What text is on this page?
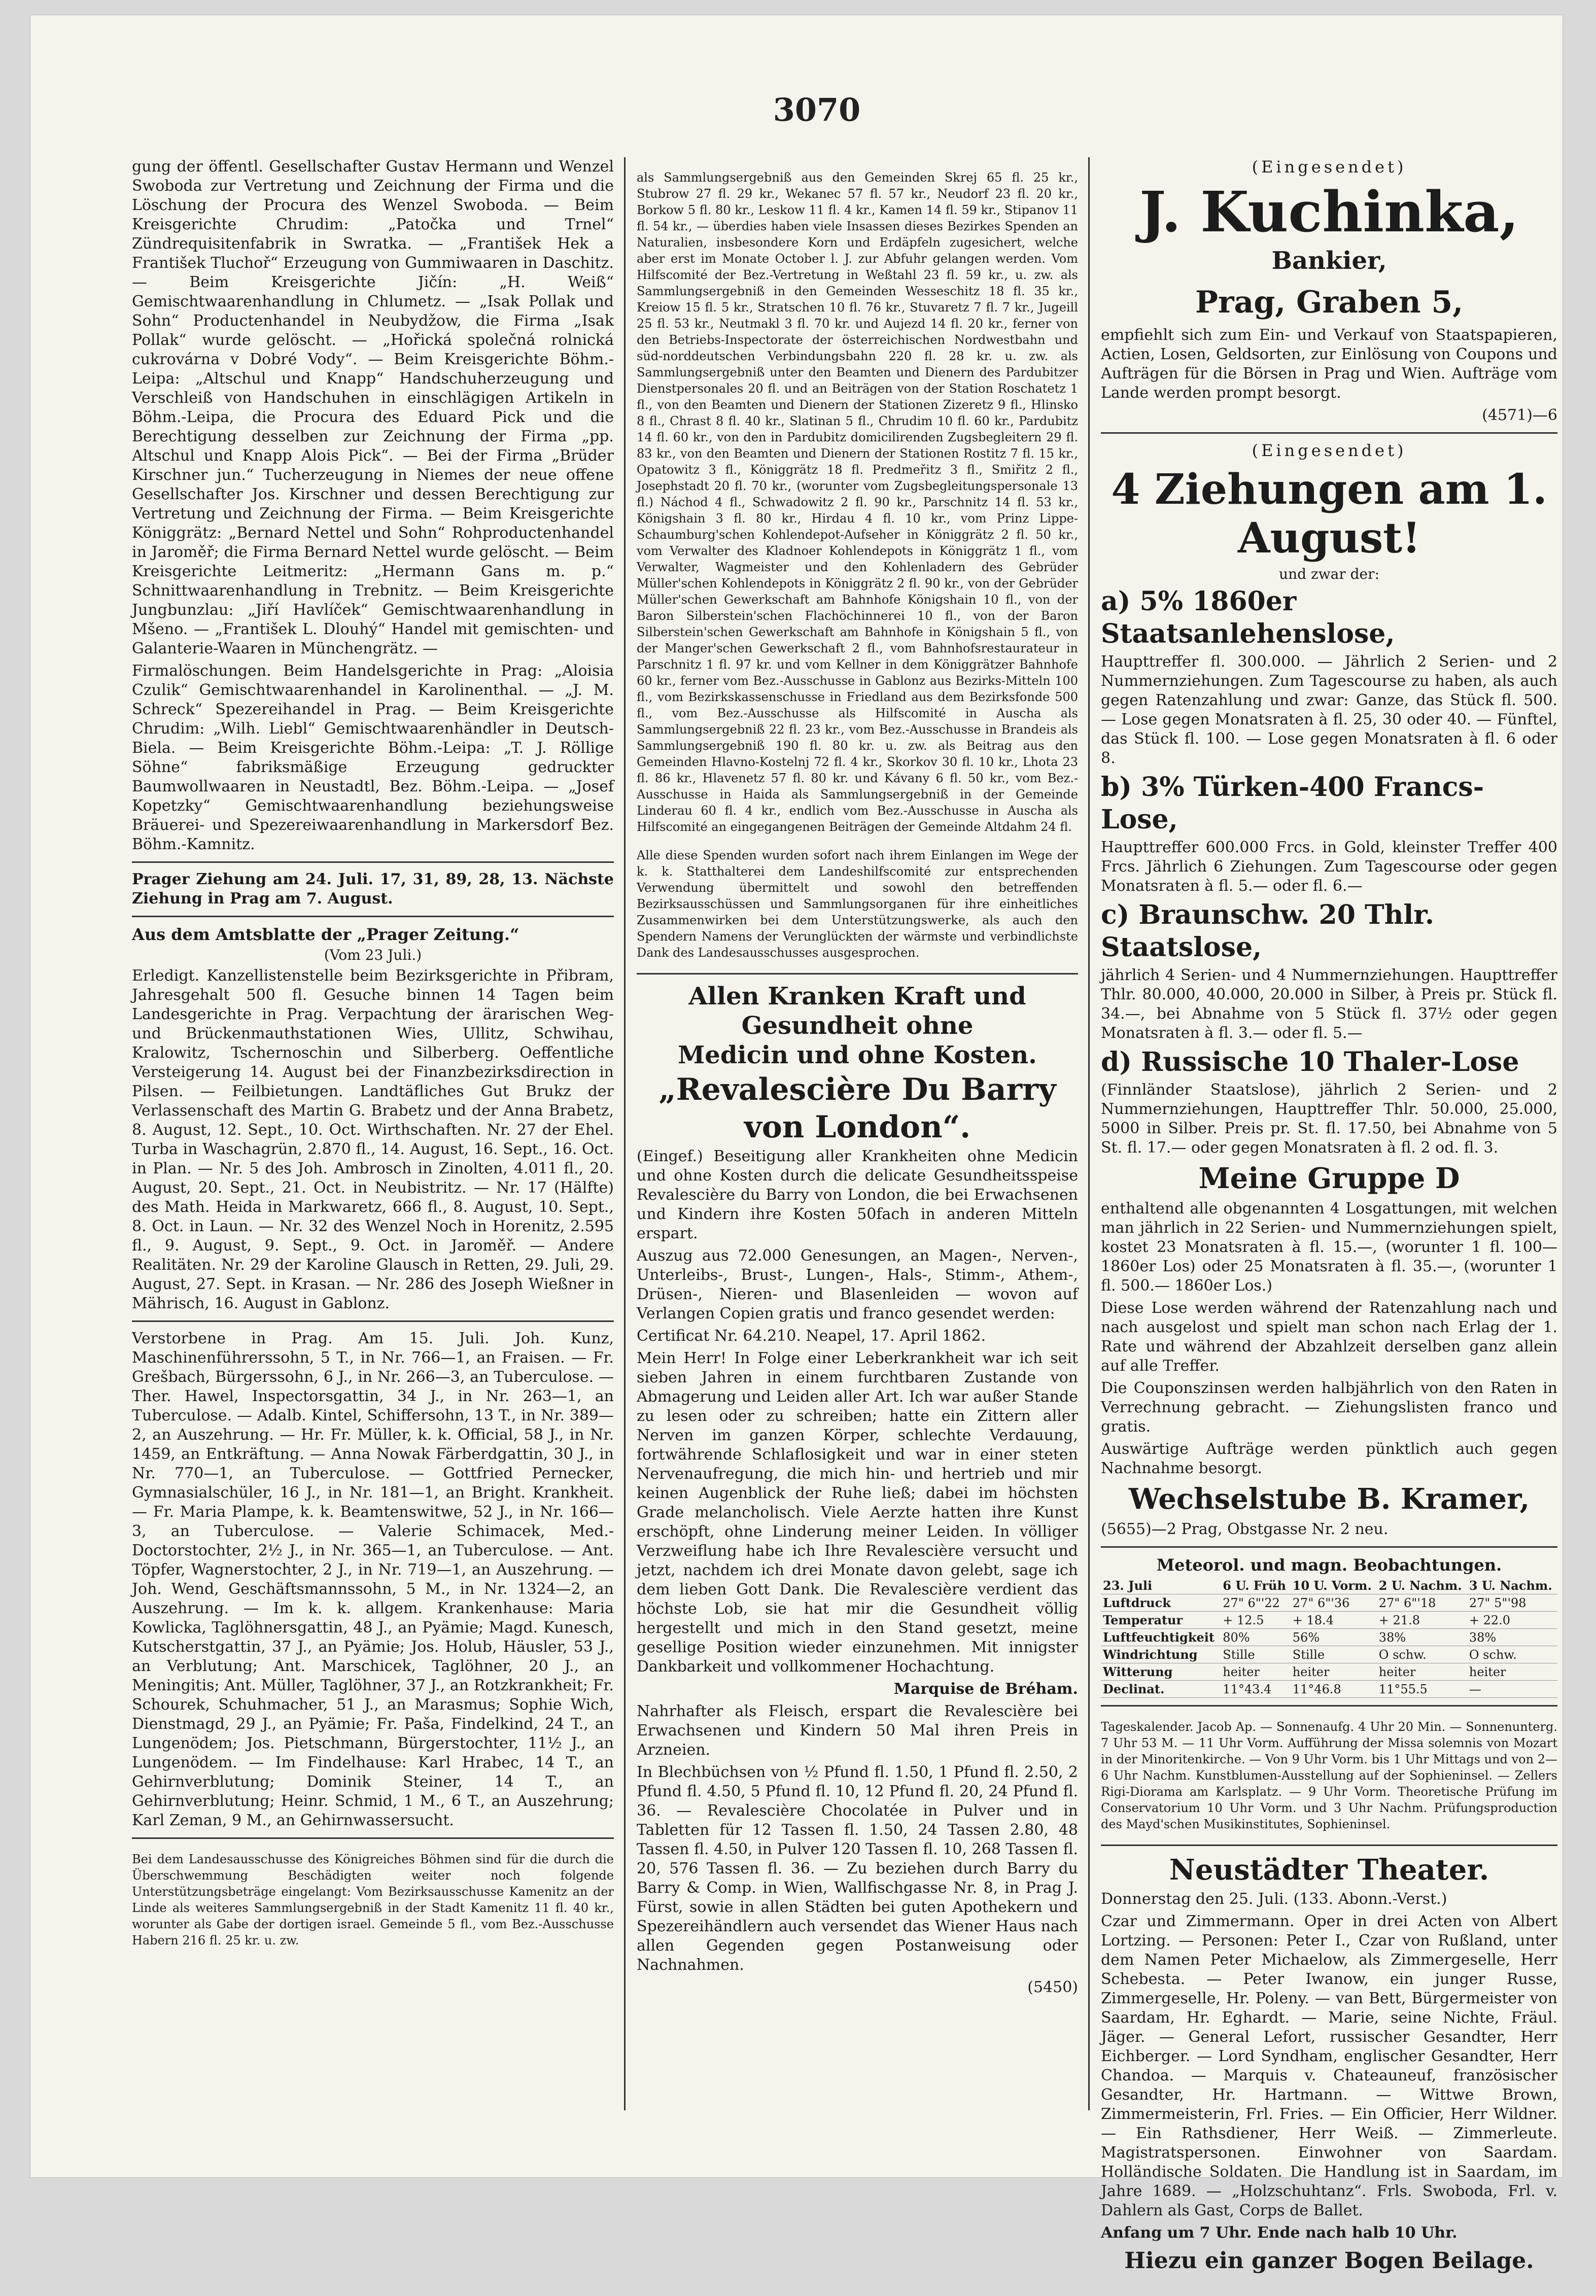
3070

gung der öffentl. Gesellschafter Gustav Hermann und Wenzel Swoboda zur Vertretung und Zeichnung der Firma und die Löschung der Procura des Wenzel Swoboda. — Beim Kreisgerichte Chrudim: „Patočka und Trnel“ Zündrequisitenfabrik in Swratka. — „František Hek a František Tluchoř“ Erzeugung von Gummiwaaren in Daschitz. — Beim Kreisgerichte Jičín: „H. Weiß“ Gemischtwaarenhandlung in Chlumetz. — „Isak Pollak und Sohn“ Productenhandel in Neubydžow, die Firma „Isak Pollak“ wurde gelöscht. — „Hořická společná rolnická cukrovárna v Dobré Vody“. — Beim Kreisgerichte Böhm.-Leipa: „Altschul und Knapp“ Handschuherzeugung und Verschleiß von Handschuhen in einschlägigen Artikeln in Böhm.-Leipa, die Procura des Eduard Pick und die Berechtigung desselben zur Zeichnung der Firma „pp. Altschul und Knapp Alois Pick“. — Bei der Firma „Brüder Kirschner jun.“ Tucherzeugung in Niemes der neue offene Gesellschafter Jos. Kirschner und dessen Berechtigung zur Vertretung und Zeichnung der Firma. — Beim Kreisgerichte Königgrätz: „Bernard Nettel und Sohn“ Rohproductenhandel in Jaroměř; die Firma Bernard Nettel wurde gelöscht. — Beim Kreisgerichte Leitmeritz: „Hermann Gans m. p.“ Schnittwaarenhandlung in Trebnitz. — Beim Kreisgerichte Jungbunzlau: „Jiří Havlíček“ Gemischtwaarenhandlung in Mšeno. — „František L. Dlouhý“ Handel mit gemischten- und Galanterie-Waaren in Münchengrätz. —

Firmalöschungen. Beim Handelsgerichte in Prag: „Aloisia Czulik“ Gemischtwaarenhandel in Karolinenthal. — „J. M. Schreck“ Spezereihandel in Prag. — Beim Kreisgerichte Chrudim: „Wilh. Liebl“ Gemischtwaarenhändler in Deutsch-Biela. — Beim Kreisgerichte Böhm.-Leipa: „T. J. Röllige Söhne“ fabriksmäßige Erzeugung gedruckter Baumwollwaaren in Neustadtl, Bez. Böhm.-Leipa. — „Josef Kopetzky“ Gemischtwaarenhandlung beziehungsweise Bräuerei- und Spezereiwaarenhandlung in Markersdorf Bez. Böhm.-Kamnitz.

Prager Ziehung am 24. Juli. 17, 31, 89, 28, 13. Nächste Ziehung in Prag am 7. August.

Aus dem Amtsblatte der „Prager Zeitung.“

(Vom 23 Juli.)

Erledigt. Kanzellistenstelle beim Bezirksgerichte in Přibram, Jahresgehalt 500 fl. Gesuche binnen 14 Tagen beim Landesgerichte in Prag. Verpachtung der ärarischen Weg- und Brückenmauthstationen Wies, Ullitz, Schwihau, Kralowitz, Tschernoschin und Silberberg. Oeffentliche Versteigerung 14. August bei der Finanzbezirksdirection in Pilsen. — Feilbietungen. Landtäfliches Gut Brukz der Verlassenschaft des Martin G. Brabetz und der Anna Brabetz, 8. August, 12. Sept., 10. Oct. Wirthschaften. Nr. 27 der Ehel. Turba in Waschagrün, 2.870 fl., 14. August, 16. Sept., 16. Oct. in Plan. — Nr. 5 des Joh. Ambrosch in Zinolten, 4.011 fl., 20. August, 20. Sept., 21. Oct. in Neubistritz. — Nr. 17 (Hälfte) des Math. Heida in Markwaretz, 666 fl., 8. August, 10. Sept., 8. Oct. in Laun. — Nr. 32 des Wenzel Noch in Horenitz, 2.595 fl., 9. August, 9. Sept., 9. Oct. in Jaroměř. — Andere Realitäten. Nr. 29 der Karoline Glausch in Retten, 29. Juli, 29. August, 27. Sept. in Krasan. — Nr. 286 des Joseph Wießner in Mährisch, 16. August in Gablonz.

Verstorbene in Prag. Am 15. Juli. Joh. Kunz, Maschinenführerssohn, 5 T., in Nr. 766—1, an Fraisen. — Fr. Grešbach, Bürgerssohn, 6 J., in Nr. 266—3, an Tuberculose. — Ther. Hawel, Inspectorsgattin, 34 J., in Nr. 263—1, an Tuberculose. — Adalb. Kintel, Schiffersohn, 13 T., in Nr. 389—2, an Auszehrung. — Hr. Fr. Müller, k. k. Official, 58 J., in Nr. 1459, an Entkräftung. — Anna Nowak Färberdgattin, 30 J., in Nr. 770—1, an Tuberculose. — Gottfried Pernecker, Gymnasialschüler, 16 J., in Nr. 181—1, an Bright. Krankheit. — Fr. Maria Plampe, k. k. Beamtenswitwe, 52 J., in Nr. 166—3, an Tuberculose. — Valerie Schimacek, Med.-Doctorstochter, 2½ J., in Nr. 365—1, an Tuberculose. — Ant. Töpfer, Wagnerstochter, 2 J., in Nr. 719—1, an Auszehrung. — Joh. Wend, Geschäftsmannssohn, 5 M., in Nr. 1324—2, an Auszehrung. — Im k. k. allgem. Krankenhause: Maria Kowlicka, Taglöhnersgattin, 48 J., an Pyämie; Magd. Kunesch, Kutscherstgattin, 37 J., an Pyämie; Jos. Holub, Häusler, 53 J., an Verblutung; Ant. Marschicek, Taglöhner, 20 J., an Meningitis; Ant. Müller, Taglöhner, 37 J., an Rotzkrankheit; Fr. Schourek, Schuhmacher, 51 J., an Marasmus; Sophie Wich, Dienstmagd, 29 J., an Pyämie; Fr. Paša, Findelkind, 24 T., an Lungenödem; Jos. Pietschmann, Bürgerstochter, 11½ J., an Lungenödem. — Im Findelhause: Karl Hrabec, 14 T., an Gehirnverblutung; Dominik Steiner, 14 T., an Gehirnverblutung; Heinr. Schmid, 1 M., 6 T., an Auszehrung; Karl Zeman, 9 M., an Gehirnwassersucht.

Bei dem Landesausschusse des Königreiches Böhmen sind für die durch die Überschwemmung Beschädigten weiter noch folgende Unterstützungsbeträge eingelangt: Vom Bezirksausschusse Kamenitz an der Linde als weiteres Sammlungsergebniß in der Stadt Kamenitz 11 fl. 40 kr., worunter als Gabe der dortigen israel. Gemeinde 5 fl., vom Bez.-Ausschusse Habern 216 fl. 25 kr. u. zw.

als Sammlungsergebniß aus den Gemeinden Skrej 65 fl. 25 kr., Stubrow 27 fl. 29 kr., Wekanec 57 fl. 57 kr., Neudorf 23 fl. 20 kr., Borkow 5 fl. 80 kr., Leskow 11 fl. 4 kr., Kamen 14 fl. 59 kr., Stipanov 11 fl. 54 kr., — überdies haben viele Insassen dieses Bezirkes Spenden an Naturalien, insbesondere Korn und Erdäpfeln zugesichert, welche aber erst im Monate October l. J. zur Abfuhr gelangen werden. Vom Hilfscomité der Bez.-Vertretung in Weßtahl 23 fl. 59 kr., u. zw. als Sammlungsergebniß in den Gemeinden Wesseschitz 18 fl. 35 kr., Kreiow 15 fl. 5 kr., Stratschen 10 fl. 76 kr., Stuvaretz 7 fl. 7 kr., Jugeill 25 fl. 53 kr., Neutmakl 3 fl. 70 kr. und Aujezd 14 fl. 20 kr., ferner von den Betriebs-Inspectorate der österreichischen Nordwestbahn und süd-norddeutschen Verbindungsbahn 220 fl. 28 kr. u. zw. als Sammlungsergebniß unter den Beamten und Dienern des Pardubitzer Dienstpersonales 20 fl. und an Beiträgen von der Station Roschatetz 1 fl., von den Beamten und Dienern der Stationen Zizeretz 9 fl., Hlinsko 8 fl., Chrast 8 fl. 40 kr., Slatinan 5 fl., Chrudim 10 fl. 60 kr., Pardubitz 14 fl. 60 kr., von den in Pardubitz domicilirenden Zugsbegleitern 29 fl. 83 kr., von den Beamten und Dienern der Stationen Rostitz 7 fl. 15 kr., Opatowitz 3 fl., Königgrätz 18 fl. Predmeřitz 3 fl., Smiřitz 2 fl., Josephstadt 20 fl. 70 kr., (worunter vom Zugsbegleitungspersonale 13 fl.) Náchod 4 fl., Schwadowitz 2 fl. 90 kr., Parschnitz 14 fl. 53 kr., Königshain 3 fl. 80 kr., Hirdau 4 fl. 10 kr., vom Prinz Lippe-Schaumburg'schen Kohlendepot-Aufseher in Königgrätz 2 fl. 50 kr., vom Verwalter des Kladnoer Kohlendepots in Königgrätz 1 fl., vom Verwalter, Wagmeister und den Kohlenladern des Gebrüder Müller'schen Kohlendepots in Königgrätz 2 fl. 90 kr., von der Gebrüder Müller'schen Gewerkschaft am Bahnhofe Königshain 10 fl., von der Baron Silberstein'schen Flachöchinnerei 10 fl., von der Baron Silberstein'schen Gewerkschaft am Bahnhofe in Königshain 5 fl., von der Manger'schen Gewerkschaft 2 fl., vom Bahnhofsrestaurateur in Parschnitz 1 fl. 97 kr. und vom Kellner in dem Königgrätzer Bahnhofe 60 kr., ferner vom Bez.-Ausschusse in Gablonz aus Bezirks-Mitteln 100 fl., vom Bezirkskassenschusse in Friedland aus dem Bezirksfonde 500 fl., vom Bez.-Ausschusse als Hilfscomité in Auscha als Sammlungsergebniß 22 fl. 23 kr., vom Bez.-Ausschusse in Brandeis als Sammlungsergebniß 190 fl. 80 kr. u. zw. als Beitrag aus den Gemeinden Hlavno-Kostelnj 72 fl. 4 kr., Skorkov 30 fl. 10 kr., Lhota 23 fl. 86 kr., Hlavenetz 57 fl. 80 kr. und Kávany 6 fl. 50 kr., vom Bez.-Ausschusse in Haida als Sammlungsergebniß in der Gemeinde Linderau 60 fl. 4 kr., endlich vom Bez.-Ausschusse in Auscha als Hilfscomité an eingegangenen Beiträgen der Gemeinde Altdahm 24 fl.

Alle diese Spenden wurden sofort nach ihrem Einlangen im Wege der k. k. Statthalterei dem Landeshilfscomité zur entsprechenden Verwendung übermittelt und sowohl den betreffenden Bezirksausschüssen und Sammlungsorganen für ihre einheitliches Zusammenwirken bei dem Unterstützungswerke, als auch den Spendern Namens der Verunglückten der wärmste und verbindlichste Dank des Landesausschusses ausgesprochen.

Allen Kranken Kraft und Gesundheit ohne

Medicin und ohne Kosten.

„Revalescière Du Barry

von London“.

(Eingef.) Beseitigung aller Krankheiten ohne Medicin und ohne Kosten durch die delicate Gesundheitsspeise Revalescière du Barry von London, die bei Erwachsenen und Kindern ihre Kosten 50fach in anderen Mitteln erspart.

Auszug aus 72.000 Genesungen, an Magen-, Nerven-, Unterleibs-, Brust-, Lungen-, Hals-, Stimm-, Athem-, Drüsen-, Nieren- und Blasenleiden — wovon auf Verlangen Copien gratis und franco gesendet werden:

Certificat Nr. 64.210. Neapel, 17. April 1862.

Mein Herr! In Folge einer Leberkrankheit war ich seit sieben Jahren in einem furchtbaren Zustande von Abmagerung und Leiden aller Art. Ich war außer Stande zu lesen oder zu schreiben; hatte ein Zittern aller Nerven im ganzen Körper, schlechte Verdauung, fortwährende Schlaflosigkeit und war in einer steten Nervenaufregung, die mich hin- und hertrieb und mir keinen Augenblick der Ruhe ließ; dabei im höchsten Grade melancholisch. Viele Aerzte hatten ihre Kunst erschöpft, ohne Linderung meiner Leiden. In völliger Verzweiflung habe ich Ihre Revalescière versucht und jetzt, nachdem ich drei Monate davon gelebt, sage ich dem lieben Gott Dank. Die Revalescière verdient das höchste Lob, sie hat mir die Gesundheit völlig hergestellt und mich in den Stand gesetzt, meine gesellige Position wieder einzunehmen. Mit innigster Dankbarkeit und vollkommener Hochachtung.

Marquise de Bréham.

Nahrhafter als Fleisch, erspart die Revalescière bei Erwachsenen und Kindern 50 Mal ihren Preis in Arzneien.

In Blechbüchsen von ½ Pfund fl. 1.50, 1 Pfund fl. 2.50, 2 Pfund fl. 4.50, 5 Pfund fl. 10, 12 Pfund fl. 20, 24 Pfund fl. 36. — Revalescière Chocolatée in Pulver und in Tabletten für 12 Tassen fl. 1.50, 24 Tassen 2.80, 48 Tassen fl. 4.50, in Pulver 120 Tassen fl. 10, 268 Tassen fl. 20, 576 Tassen fl. 36. — Zu beziehen durch Barry du Barry & Comp. in Wien, Wallfischgasse Nr. 8, in Prag J. Fürst, sowie in allen Städten bei guten Apothekern und Spezereihändlern auch versendet das Wiener Haus nach allen Gegenden gegen Postanweisung oder Nachnahmen.

(5450)

(Eingesendet)

J. Kuchinka,

Bankier,

Prag, Graben 5,

empfiehlt sich zum Ein- und Verkauf von Staatspapieren, Actien, Losen, Geldsorten, zur Einlösung von Coupons und Aufträgen für die Börsen in Prag und Wien. Aufträge vom Lande werden prompt besorgt.

(4571)—6

(Eingesendet)

4 Ziehungen am 1. August!

und zwar der:

a) 5% 1860er Staatsanlehenslose,

Haupttreffer fl. 300.000. — Jährlich 2 Serien- und 2 Nummernziehungen. Zum Tagescourse zu haben, als auch gegen Ratenzahlung und zwar: Ganze, das Stück fl. 500. — Lose gegen Monatsraten à fl. 25, 30 oder 40. — Fünftel, das Stück fl. 100. — Lose gegen Monatsraten à fl. 6 oder 8.

b) 3% Türken-400 Francs-Lose,

Haupttreffer 600.000 Frcs. in Gold, kleinster Treffer 400 Frcs. Jährlich 6 Ziehungen. Zum Tagescourse oder gegen Monatsraten à fl. 5.— oder fl. 6.—

c) Braunschw. 20 Thlr. Staatslose,

jährlich 4 Serien- und 4 Nummernziehungen. Haupttreffer Thlr. 80.000, 40.000, 20.000 in Silber, à Preis pr. Stück fl. 34.—, bei Abnahme von 5 Stück fl. 37½ oder gegen Monatsraten à fl. 3.— oder fl. 5.—

d) Russische 10 Thaler-Lose

(Finnländer Staatslose), jährlich 2 Serien- und 2 Nummernziehungen, Haupttreffer Thlr. 50.000, 25.000, 5000 in Silber. Preis pr. St. fl. 17.50, bei Abnahme von 5 St. fl. 17.— oder gegen Monatsraten à fl. 2 od. fl. 3.

Meine Gruppe D

enthaltend alle obgenannten 4 Losgattungen, mit welchen man jährlich in 22 Serien- und Nummernziehungen spielt, kostet 23 Monatsraten à fl. 15.—, (worunter 1 fl. 100— 1860er Los) oder 25 Monatsraten à fl. 35.—, (worunter 1 fl. 500.— 1860er Los.)

Diese Lose werden während der Ratenzahlung nach und nach ausgelost und spielt man schon nach Erlag der 1. Rate und während der Abzahlzeit derselben ganz allein auf alle Treffer.

Die Couponszinsen werden halbjährlich von den Raten in Verrechnung gebracht. — Ziehungslisten franco und gratis.

Auswärtige Aufträge werden pünktlich auch gegen Nachnahme besorgt.

Wechselstube B. Kramer,

(5655)—2 Prag, Obstgasse Nr. 2 neu.

Meteorol. und magn. Beobachtungen.

23. Juli	6 U. Früh	10 U. Vorm.	2 U. Nachm.	3 U. Nachm.
Luftdruck	27" 6"'22	27" 6"'36	27" 6"'18	27" 5"'98
Temperatur	+ 12.5	+ 18.4	+ 21.8	+ 22.0
Luftfeuchtigkeit	80%	56%	38%	38%
Windrichtung	Stille	Stille	O schw.	O schw.
Witterung	heiter	heiter	heiter	heiter
Declinat.	11°43.4	11°46.8	11°55.5	—

Tageskalender. Jacob Ap. — Sonnenaufg. 4 Uhr 20 Min. — Sonnenunterg. 7 Uhr 53 M. — 11 Uhr Vorm. Aufführung der Missa solemnis von Mozart in der Minoritenkirche. — Von 9 Uhr Vorm. bis 1 Uhr Mittags und von 2—6 Uhr Nachm. Kunstblumen-Ausstellung auf der Sophieninsel. — Zellers Rigi-Diorama am Karlsplatz. — 9 Uhr Vorm. Theoretische Prüfung im Conservatorium 10 Uhr Vorm. und 3 Uhr Nachm. Prüfungsproduction des Mayd'schen Musikinstitutes, Sophieninsel.

Neustädter Theater.

Donnerstag den 25. Juli. (133. Abonn.-Verst.)

Czar und Zimmermann. Oper in drei Acten von Albert Lortzing. — Personen: Peter I., Czar von Rußland, unter dem Namen Peter Michaelow, als Zimmergeselle, Herr Schebesta. — Peter Iwanow, ein junger Russe, Zimmergeselle, Hr. Poleny. — van Bett, Bürgermeister von Saardam, Hr. Eghardt. — Marie, seine Nichte, Fräul. Jäger. — General Lefort, russischer Gesandter, Herr Eichberger. — Lord Syndham, englischer Gesandter, Herr Chandoa. — Marquis v. Chateauneuf, französischer Gesandter, Hr. Hartmann. — Wittwe Brown, Zimmermeisterin, Frl. Fries. — Ein Officier, Herr Wildner. — Ein Rathsdiener, Herr Weiß. — Zimmerleute. Magistratspersonen. Einwohner von Saardam. Holländische Soldaten. Die Handlung ist in Saardam, im Jahre 1689. — „Holzschuhtanz“. Frls. Swoboda, Frl. v. Dahlern als Gast, Corps de Ballet.

Anfang um 7 Uhr. Ende nach halb 10 Uhr.

Hiezu ein ganzer Bogen Beilage.
